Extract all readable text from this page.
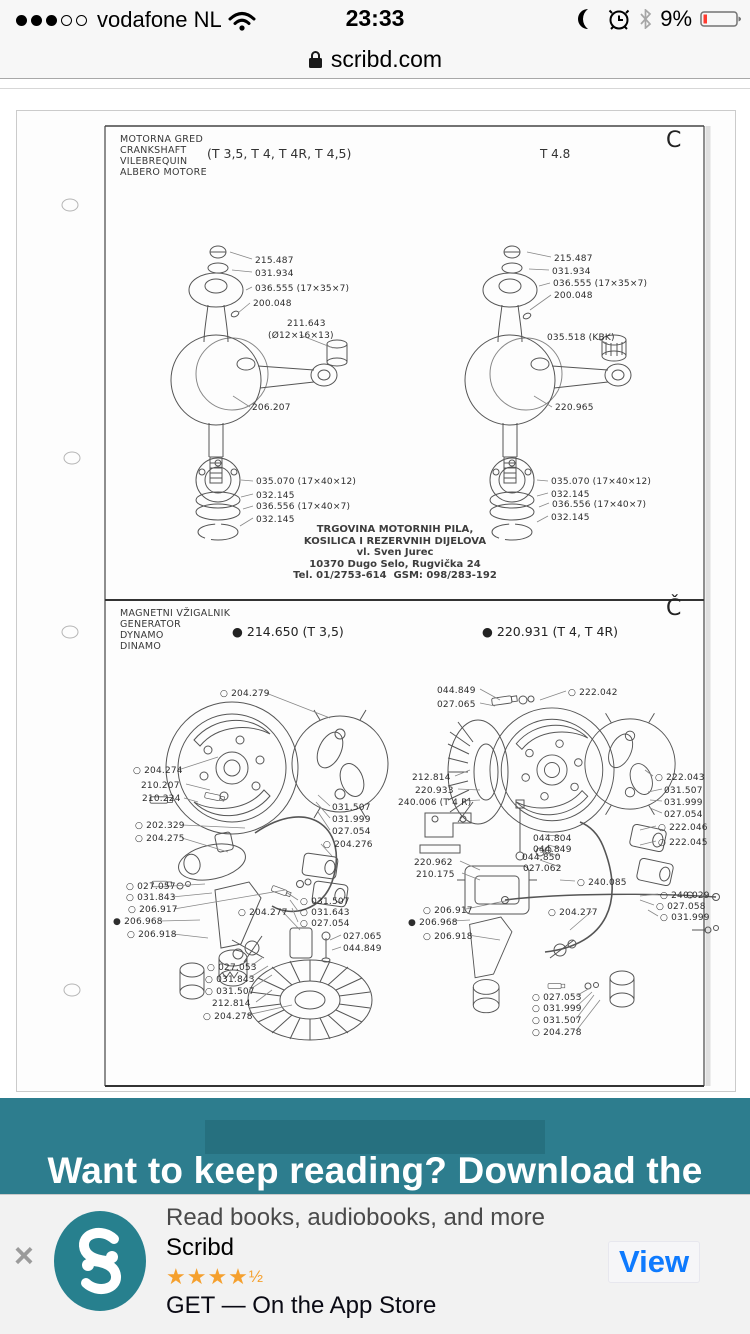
vodafone NL	23:33	9%
scribd.com
MOTORNA GRED
CRANKSHAFT
VILEBREQUIN
ALBERO MOTORE
(T 3,5, T 4, T 4R, T 4,5)	T 4.8
C
TRGOVINA MOTORNIH PILA,
KOSILICA I REZERVNIH DIJELOVA
vl. Sven Jurec
10370 Dugo Selo, Rugvička 24
Tel. 01/2753-614  GSM: 098/283-192
MAGNETNI VŽIGALNIK
GENERATOR
DYNAMO
DINAMO
● 214.650 (T 3,5)	● 220.931 (T 4, T 4R)
Č
215.487
031.934
036.555 (17×35×7)
200.048
211.643
(Ø12×16×13)
206.207
035.070 (17×40×12)
032.145
036.556 (17×40×7)
032.145
215.487
031.934
036.555 (17×35×7)
200.048
035.518 (KBK)
220.965
035.070 (17×40×12)
032.145
036.556 (17×40×7)
032.145
○ 204.279
○ 204.274
210.207
210.224
○ 202.329
○ 204.275
031.507
031.999
027.054
○ 204.276
○ 027.057
○ 031.843
○ 206.917
● 206.968
○ 206.918
○ 204.277
○ 031.507
○ 031.643
○ 027.054
027.065
044.849
○ 027.053
○ 031.843
○ 031.507
212.814
○ 204.278
044.849
027.065
○ 222.042
○ 222.043
031.507
031.999
027.054
212.814
220.933
240.006 (T 4 R)
○ 222.046
○ 222.045
044.804
044.849
044.850
027.062
220.962
210.175
○ 240.085
○ 240.029
○ 027.058
○ 031.999
○ 206.917
● 206.968
○ 206.918
○ 204.277
○ 027.053
○ 031.999
○ 031.507
○ 204.278
Want to keep reading? Download the
×
Read books, audiobooks, and more
Scribd
★★★★½
GET — On the App Store
View
